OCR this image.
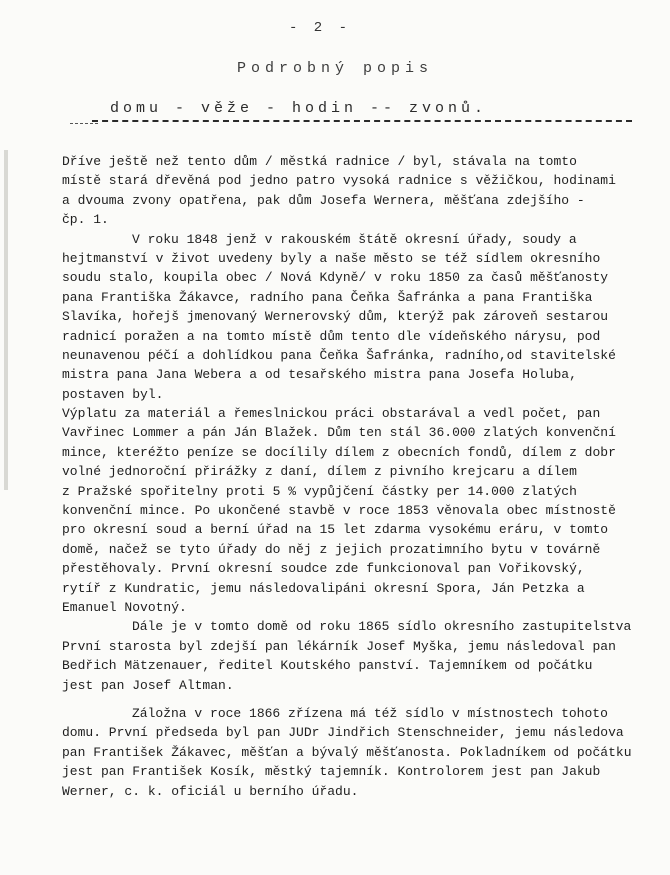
- 2 -
Podrobný popis
domu - věže - hodin -- zvonů.
Dříve ještě než tento dům / městká radnice / byl, stávala na tomto
místě stará dřevěná pod jedno patro vysoká radnice s věžičkou, hodinami
a dvouma zvony opatřena, pak dům Josefa Wernera, měšťana zdejšího -
čp. 1.
V roku 1848 jenž v rakouském štátě okresní úřady, soudy a
hejtmanství v život uvedeny byly a naše město se též sídlem okresního
soudu stalo, koupila obec / Nová Kdyně/ v roku 1850 za časů měšťanosty
pana Františka Žákavce, radního pana Čeňka Šafránka a pana Františka
Slavíka, hořejš jmenovaný Wernerovský dům, kterýž pak zároveň sestarou
radnicí poražen a na tomto místě dům tento dle vídeňského nárysu, pod
neunavenou péčí a dohlídkou pana Čeňka Šafránka, radního,od stavitelské
mistra pana Jana Webera a od tesařského mistra pana Josefa Holuba,
postaven byl.
Výplatu za materiál a řemeslnickou práci obstarával a vedl počet, pan
Vavřinec Lommer a pán Ján Blažek. Dům ten stál 36.000 zlatých konvenční
mince, kteréžto peníze se docílily dílem z obecních fondů, dílem z dobr
volné jednoroční přirážky z daní, dílem z pivního krejcaru a dílem
z Pražské spořitelny proti 5 % vypůjčení částky per 14.000 zlatých
konvenční mince. Po ukončené stavbě v roce 1853 věnovala obec místnostě
pro okresní soud a berní úřad na 15 let zdarma vysokému eráru, v tomto
domě, načež se tyto úřady do něj z jejich prozatimního bytu v továrně
přestěhovaly. První okresní soudce zde funkcionoval pan Vořikovský,
rytíř z Kundratic, jemu následovalipáni okresní Spora, Ján Petzka a
Emanuel Novotný.
Dále je v tomto domě od roku 1865 sídlo okresního zastupitelstva
První starosta byl zdejší pan lékárník Josef Myška, jemu následoval pan
Bedřich Mätzenauer, ředitel Koutského panství. Tajemníkem od počátku
jest pan Josef Altman.
Záložna v roce 1866 zřízena má též sídlo v místnostech tohoto
domu. První předseda byl pan JUDr Jindřich Stenschneider, jemu následova
pan František Žákavec, měšťan a bývalý měšťanosta. Pokladníkem od počátku
jest pan František Kosík, městký tajemník. Kontrolorem jest pan Jakub
Werner, c. k. oficiál u berního úřadu.
